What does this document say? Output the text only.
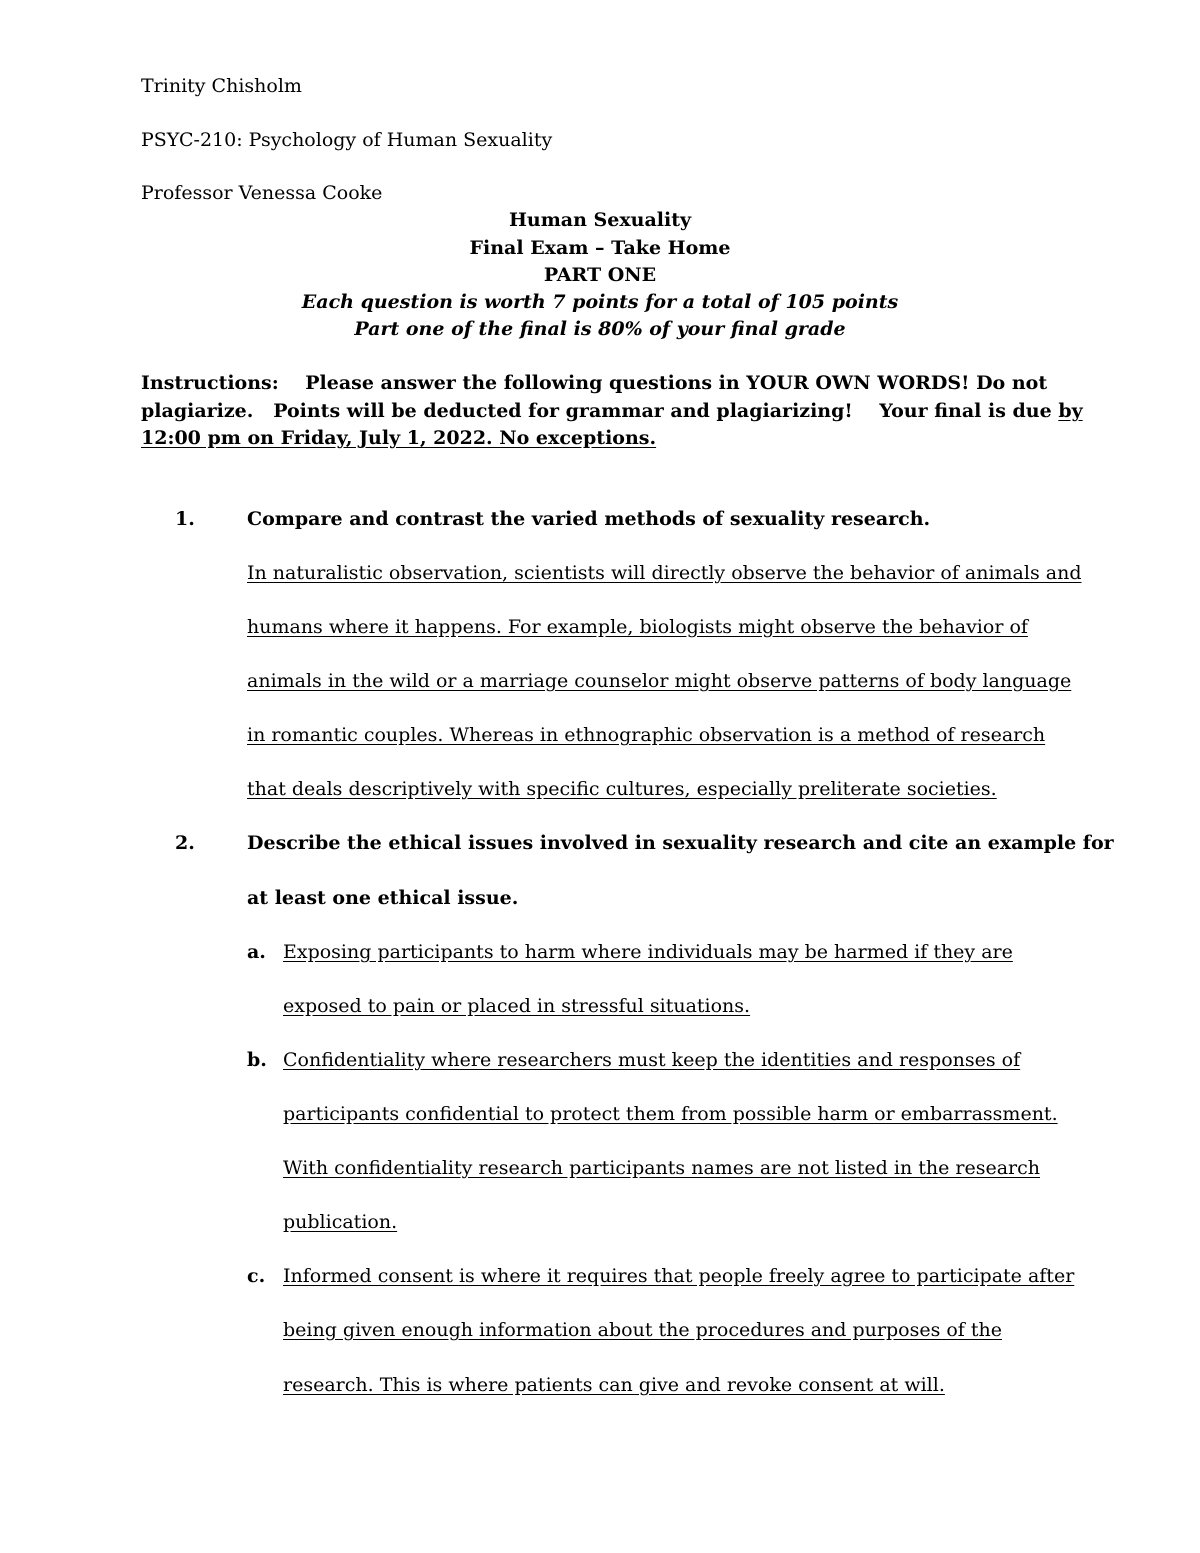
Trinity Chisholm
PSYC-210: Psychology of Human Sexuality
Professor Venessa Cooke
Human Sexuality
Final Exam – Take Home
PART ONE
Each question is worth 7 points for a total of 105 points
Part one of the final is 80% of your final grade
Instructions: Please answer the following questions in YOUR OWN WORDS! Do not
plagiarize.   Points will be deducted for grammar and plagiarizing!    Your final is due by
12:00 pm on Friday, July 1, 2022. No exceptions.
1.	Compare and contrast the varied methods of sexuality research.
In naturalistic observation, scientists will directly observe the behavior of animals and
humans where it happens. For example, biologists might observe the behavior of
animals in the wild or a marriage counselor might observe patterns of body language
in romantic couples. Whereas in ethnographic observation is a method of research
that deals descriptively with specific cultures, especially preliterate societies.
2.	Describe the ethical issues involved in sexuality research and cite an example for
at least one ethical issue.
a. Exposing participants to harm where individuals may be harmed if they are
exposed to pain or placed in stressful situations.
b. Confidentiality where researchers must keep the identities and responses of
participants confidential to protect them from possible harm or embarrassment.
With confidentiality research participants names are not listed in the research
publication.
c. Informed consent is where it requires that people freely agree to participate after
being given enough information about the procedures and purposes of the
research. This is where patients can give and revoke consent at will.
